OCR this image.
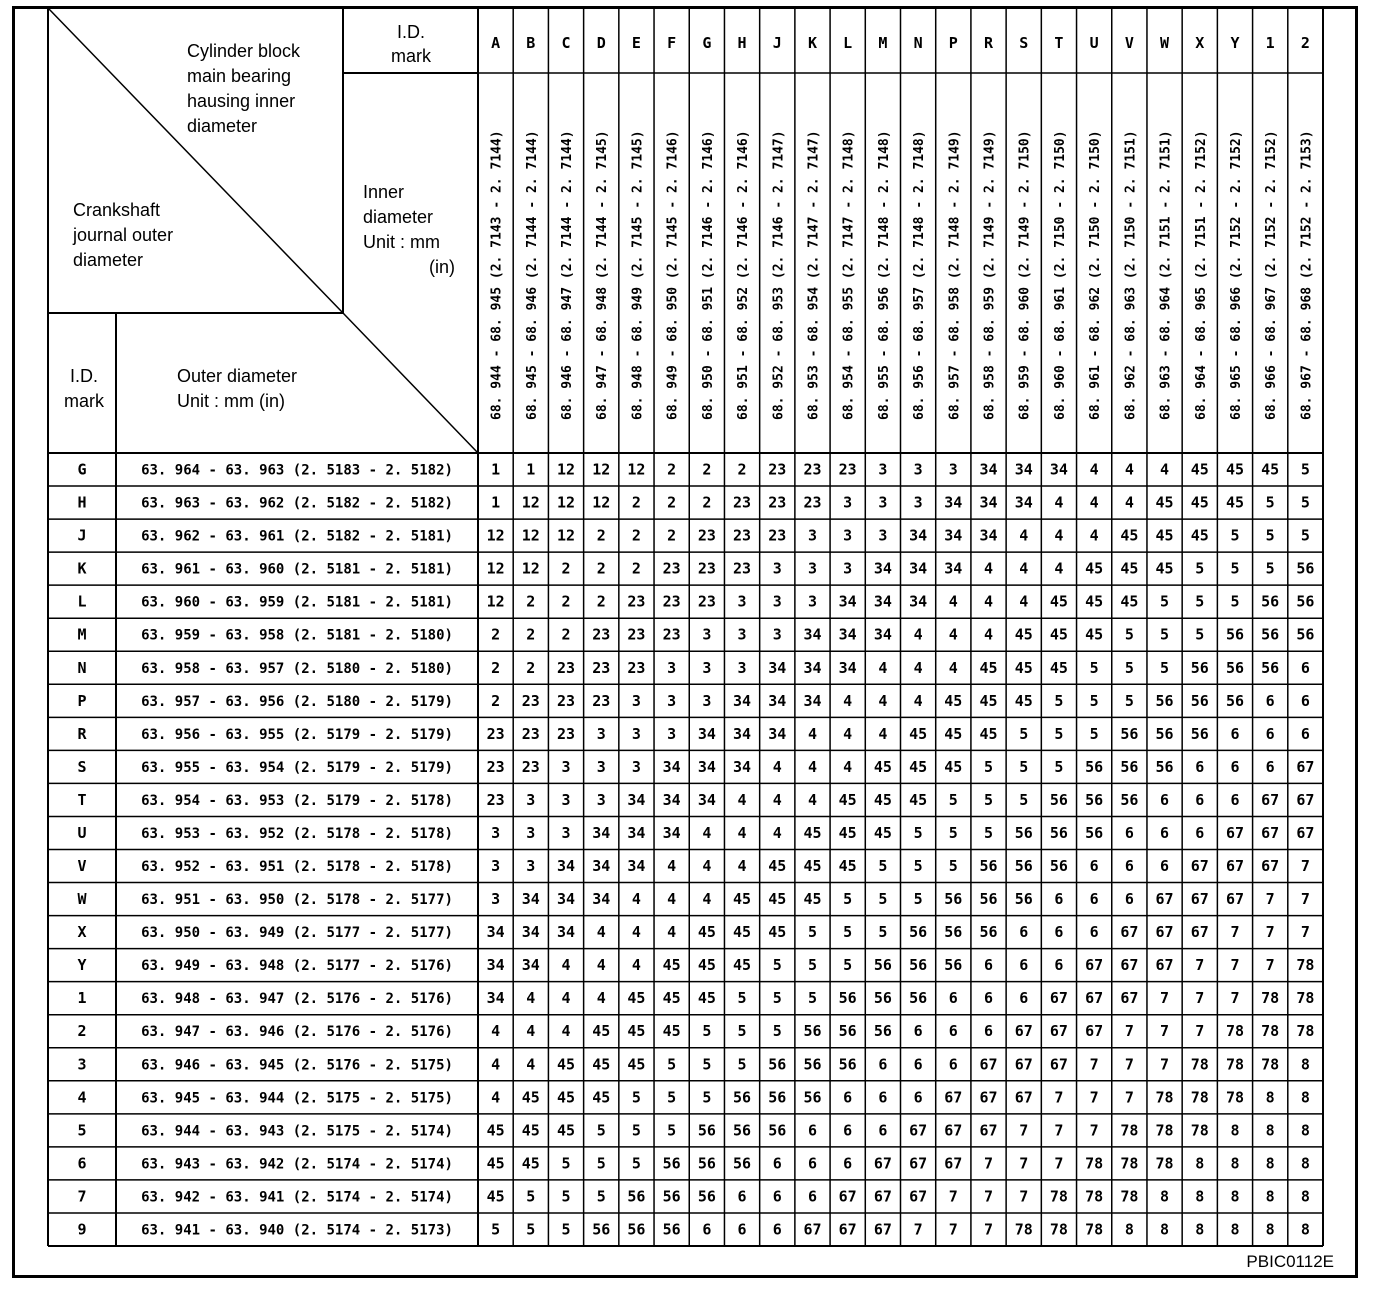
Cylinder block
main bearing
hausing inner
diameter
Crankshaft
journal outer
diameter
I.D.
mark
Inner
diameter
Unit : mm
(in)
I.D.
mark
Outer diameter
Unit : mm (in)
A
68. 944 - 68. 945 (2. 7143 - 2. 7144)
B
68. 945 - 68. 946 (2. 7144 - 2. 7144)
C
68. 946 - 68. 947 (2. 7144 - 2. 7144)
D
68. 947 - 68. 948 (2. 7144 - 2. 7145)
E
68. 948 - 68. 949 (2. 7145 - 2. 7145)
F
68. 949 - 68. 950 (2. 7145 - 2. 7146)
G
68. 950 - 68. 951 (2. 7146 - 2. 7146)
H
68. 951 - 68. 952 (2. 7146 - 2. 7146)
J
68. 952 - 68. 953 (2. 7146 - 2. 7147)
K
68. 953 - 68. 954 (2. 7147 - 2. 7147)
L
68. 954 - 68. 955 (2. 7147 - 2. 7148)
M
68. 955 - 68. 956 (2. 7148 - 2. 7148)
N
68. 956 - 68. 957 (2. 7148 - 2. 7148)
P
68. 957 - 68. 958 (2. 7148 - 2. 7149)
R
68. 958 - 68. 959 (2. 7149 - 2. 7149)
S
68. 959 - 68. 960 (2. 7149 - 2. 7150)
T
68. 960 - 68. 961 (2. 7150 - 2. 7150)
U
68. 961 - 68. 962 (2. 7150 - 2. 7150)
V
68. 962 - 68. 963 (2. 7150 - 2. 7151)
W
68. 963 - 68. 964 (2. 7151 - 2. 7151)
X
68. 964 - 68. 965 (2. 7151 - 2. 7152)
Y
68. 965 - 68. 966 (2. 7152 - 2. 7152)
1
68. 966 - 68. 967 (2. 7152 - 2. 7152)
2
68. 967 - 68. 968 (2. 7152 - 2. 7153)
G	63. 964 - 63. 963 (2. 5183 - 2. 5182)	1 1 12 12 12 2 2 2 23 23 23 3 3 3 34 34 34 4 4 4 45 45 45 5
H	63. 963 - 63. 962 (2. 5182 - 2. 5182)	1 12 12 12 2 2 2 23 23 23 3 3 3 34 34 34 4 4 4 45 45 45 5 5
J	63. 962 - 63. 961 (2. 5182 - 2. 5181) 12 12 12 2 2 2 23 23 23 3 3 3 34 34 34 4 4 4 45 45 45 5 5 5
K	63. 961 - 63. 960 (2. 5181 - 2. 5181) 12 12 2 2 2 23 23 23 3 3 3 34 34 34 4 4 4 45 45 45 5 5 5 56
L	63. 960 - 63. 959 (2. 5181 - 2. 5181) 12 2 2 2 23 23 23 3 3 3 34 34 34 4 4 4 45 45 45 5 5 5 56 56
M	63. 959 - 63. 958 (2. 5181 - 2. 5180)	2 2 2 23 23 23 3 3 3 34 34 34 4 4 4 45 45 45 5 5 5 56 56 56
N	63. 958 - 63. 957 (2. 5180 - 2. 5180)	2 2 23 23 23 3 3 3 34 34 34 4 4 4 45 45 45 5 5 5 56 56 56 6
P	63. 957 - 63. 956 (2. 5180 - 2. 5179)	2 23 23 23 3 3 3 34 34 34 4 4 4 45 45 45 5 5 5 56 56 56 6 6
R	63. 956 - 63. 955 (2. 5179 - 2. 5179) 23 23 23 3 3 3 34 34 34 4 4 4 45 45 45 5 5 5 56 56 56 6 6 6
S	63. 955 - 63. 954 (2. 5179 - 2. 5179) 23 23 3 3 3 34 34 34 4 4 4 45 45 45 5 5 5 56 56 56 6 6 6 67
T	63. 954 - 63. 953 (2. 5179 - 2. 5178) 23 3 3 3 34 34 34 4 4 4 45 45 45 5 5 5 56 56 56 6 6 6 67 67
U	63. 953 - 63. 952 (2. 5178 - 2. 5178)	3 3 3 34 34 34 4 4 4 45 45 45 5 5 5 56 56 56 6 6 6 67 67 67
V	63. 952 - 63. 951 (2. 5178 - 2. 5178)	3 3 34 34 34 4 4 4 45 45 45 5 5 5 56 56 56 6 6 6 67 67 67 7
W	63. 951 - 63. 950 (2. 5178 - 2. 5177)	3 34 34 34 4 4 4 45 45 45 5 5 5 56 56 56 6 6 6 67 67 67 7 7
X	63. 950 - 63. 949 (2. 5177 - 2. 5177) 34 34 34 4 4 4 45 45 45 5 5 5 56 56 56 6 6 6 67 67 67 7 7 7
Y	63. 949 - 63. 948 (2. 5177 - 2. 5176) 34 34 4 4 4 45 45 45 5 5 5 56 56 56 6 6 6 67 67 67 7 7 7 78
1	63. 948 - 63. 947 (2. 5176 - 2. 5176) 34 4 4 4 45 45 45 5 5 5 56 56 56 6 6 6 67 67 67 7 7 7 78 78
2	63. 947 - 63. 946 (2. 5176 - 2. 5176)	4 4 4 45 45 45 5 5 5 56 56 56 6 6 6 67 67 67 7 7 7 78 78 78
3	63. 946 - 63. 945 (2. 5176 - 2. 5175)	4 4 45 45 45 5 5 5 56 56 56 6 6 6 67 67 67 7 7 7 78 78 78 8
4	63. 945 - 63. 944 (2. 5175 - 2. 5175)	4 45 45 45 5 5 5 56 56 56 6 6 6 67 67 67 7 7 7 78 78 78 8 8
5	63. 944 - 63. 943 (2. 5175 - 2. 5174) 45 45 45 5 5 5 56 56 56 6 6 6 67 67 67 7 7 7 78 78 78 8 8 8
6	63. 943 - 63. 942 (2. 5174 - 2. 5174) 45 45 5 5 5 56 56 56 6 6 6 67 67 67 7 7 7 78 78 78 8 8 8 8
7	63. 942 - 63. 941 (2. 5174 - 2. 5174) 45 5 5 5 56 56 56 6 6 6 67 67 67 7 7 7 78 78 78 8 8 8 8 8
9	63. 941 - 63. 940 (2. 5174 - 2. 5173)	5 5 5 56 56 56 6 6 6 67 67 67 7 7 7 78 78 78 8 8 8 8 8 8
PBIC0112E
